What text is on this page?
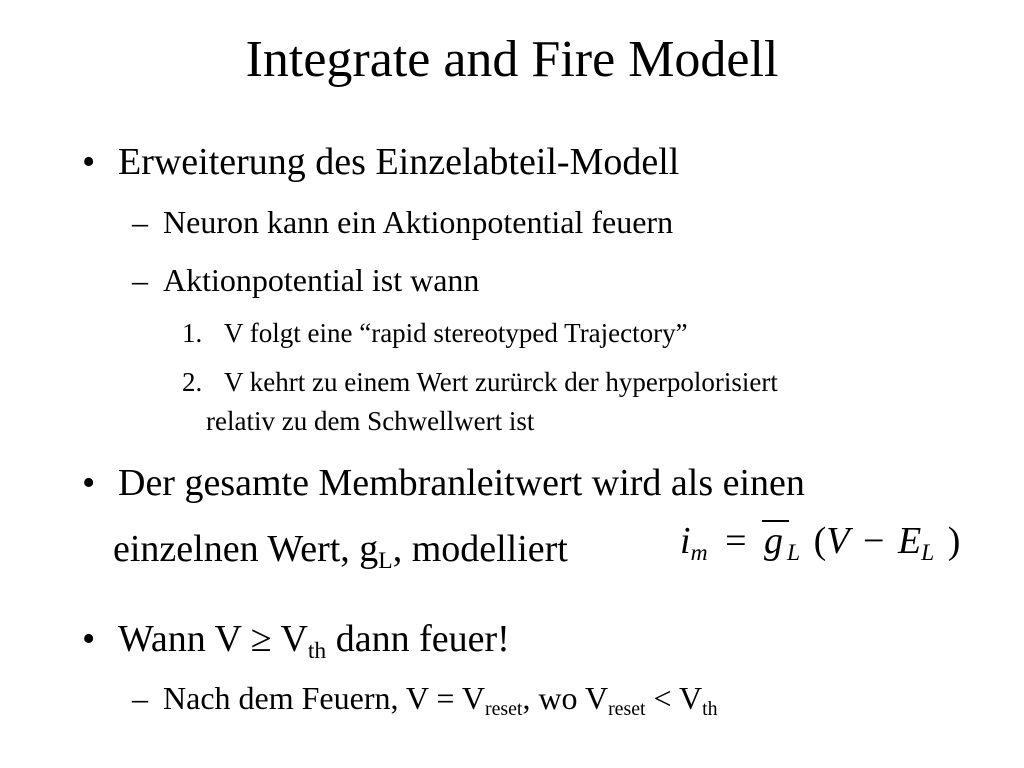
Integrate and Fire Modell
• Erweiterung des Einzelabteil-Modell
– Neuron kann ein Aktionpotential feuern
– Aktionpotential ist wann
1. V folgt eine “rapid stereotyped Trajectory”
2. V kehrt zu einem Wert zurürck der hyperpolorisiert
relativ zu dem Schwellwert ist
• Der gesamte Membranleitwert wird als einen
einzelnen Wert, $g_L$, modelliert	$i_m = g$ $_L$ ($V - E_L$ )
• Wann $V \ge V_{th}$ dann feuer!
– Nach dem Feuern, $V = V_{reset}$, wo $V_{reset} < V_{th}$
